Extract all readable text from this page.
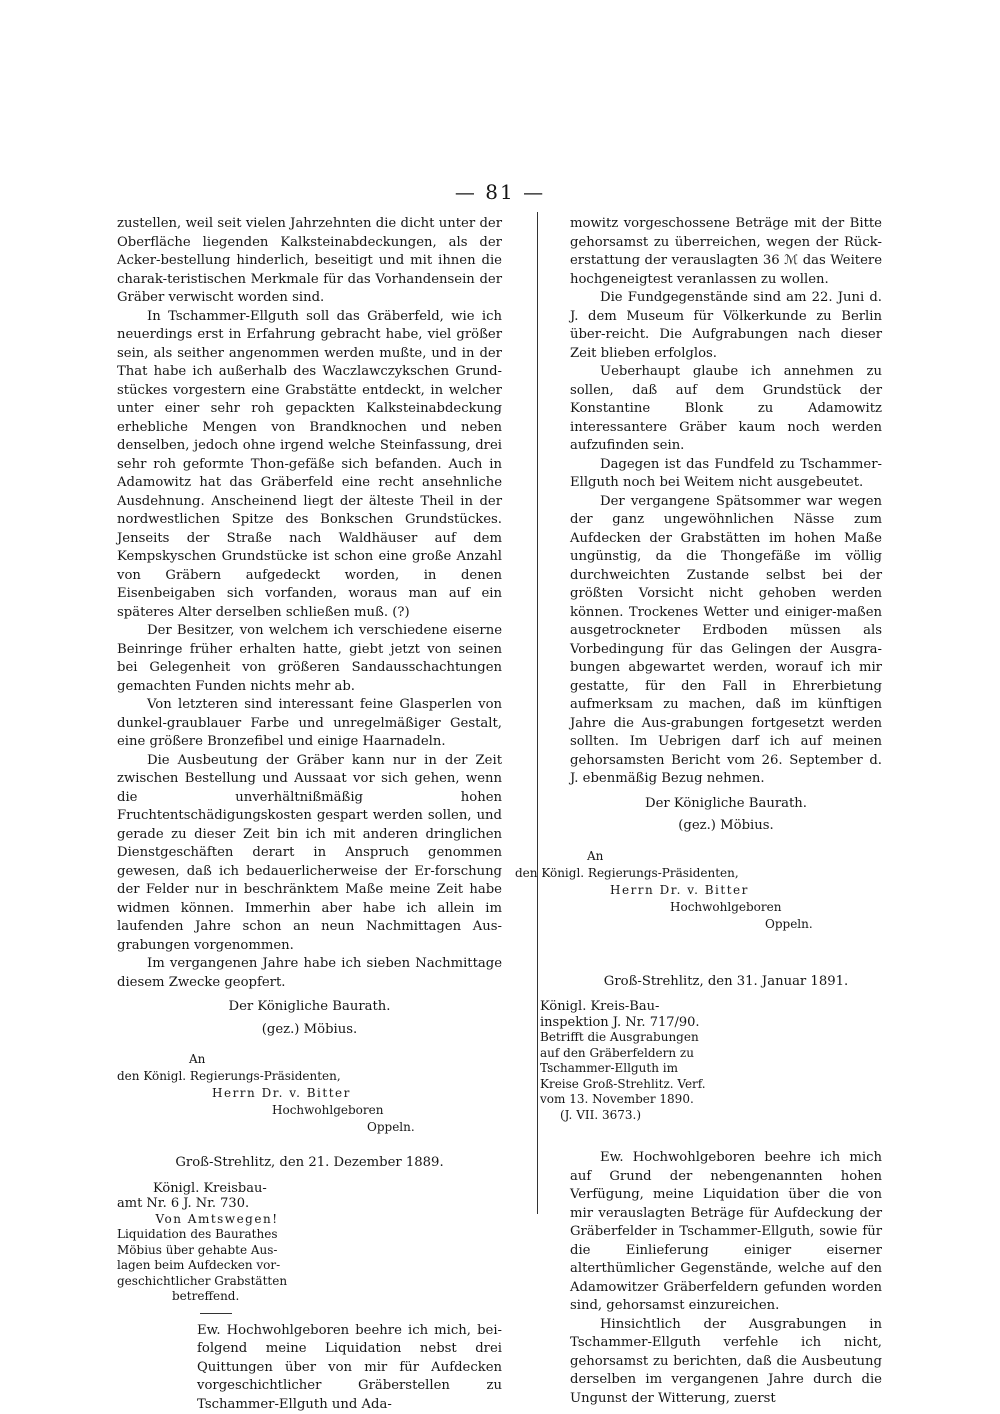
— 81 —

zustellen, weil seit vielen Jahrzehnten die dicht unter der Oberfläche liegenden Kalksteinabdeckungen, als der Acker-bestellung hinderlich, beseitigt und mit ihnen die charak-teristischen Merkmale für das Vorhandensein der Gräber verwischt worden sind.

In Tschammer-Ellguth soll das Gräberfeld, wie ich neuerdings erst in Erfahrung gebracht habe, viel größer sein, als seither angenommen werden mußte, und in der That habe ich außerhalb des Waczlawczykschen Grund-stückes vorgestern eine Grabstätte entdeckt, in welcher unter einer sehr roh gepackten Kalksteinabdeckung erhebliche Mengen von Brandknochen und neben denselben, jedoch ohne irgend welche Steinfassung, drei sehr roh geformte Thon-gefäße sich befanden. Auch in Adamowitz hat das Gräberfeld eine recht ansehnliche Ausdehnung. Anscheinend liegt der älteste Theil in der nordwestlichen Spitze des Bonkschen Grundstückes. Jenseits der Straße nach Waldhäuser auf dem Kempskyschen Grundstücke ist schon eine große Anzahl von Gräbern aufgedeckt worden, in denen Eisenbeigaben sich vorfanden, woraus man auf ein späteres Alter derselben schließen muß. (?)

Der Besitzer, von welchem ich verschiedene eiserne Beinringe früher erhalten hatte, giebt jetzt von seinen bei Gelegenheit von größeren Sandausschachtungen gemachten Funden nichts mehr ab.

Von letzteren sind interessant feine Glasperlen von dunkel-graublauer Farbe und unregelmäßiger Gestalt, eine größere Bronzefibel und einige Haarnadeln.

Die Ausbeutung der Gräber kann nur in der Zeit zwischen Bestellung und Aussaat vor sich gehen, wenn die unverhältnißmäßig hohen Fruchtentschädigungskosten gespart werden sollen, und gerade zu dieser Zeit bin ich mit anderen dringlichen Dienstgeschäften derart in Anspruch genommen gewesen, daß ich bedauerlicherweise der Er-forschung der Felder nur in beschränktem Maße meine Zeit habe widmen können. Immerhin aber habe ich allein im laufenden Jahre schon an neun Nachmittagen Aus-grabungen vorgenommen.

Im vergangenen Jahre habe ich sieben Nachmittage diesem Zwecke geopfert.

Der Königliche Baurath.
(gez.) Möbius.
An
den Königl. Regierungs-Präsidenten,
Herrn Dr. v. Bitter
Hochwohlgeboren
Oppeln.
Groß-Strehlitz, den 21. Dezember 1889.
Königl. Kreisbau-
amt Nr. 6 J. Nr. 730.
Von Amtswegen!
Liquidation des Baurathes
Möbius über gehabte Aus-
lagen beim Aufdecken vor-
geschichtlicher Grabstätten
betreffend.

Ew. Hochwohlgeboren beehre ich mich, bei-folgend meine Liquidation nebst drei Quittungen über von mir für Aufdecken vorgeschichtlicher Gräberstellen zu Tschammer-Ellguth und Ada-

mowitz vorgeschossene Beträge mit der Bitte gehorsamst zu überreichen, wegen der Rück-erstattung der verauslagten 36 ℳ das Weitere hochgeneigtest veranlassen zu wollen.

Die Fundgegenstände sind am 22. Juni d. J. dem Museum für Völkerkunde zu Berlin über-reicht. Die Aufgrabungen nach dieser Zeit blieben erfolglos.

Ueberhaupt glaube ich annehmen zu sollen, daß auf dem Grundstück der Konstantine Blonk zu Adamowitz interessantere Gräber kaum noch werden aufzufinden sein.

Dagegen ist das Fundfeld zu Tschammer-Ellguth noch bei Weitem nicht ausgebeutet.

Der vergangene Spätsommer war wegen der ganz ungewöhnlichen Nässe zum Aufdecken der Grabstätten im hohen Maße ungünstig, da die Thongefäße im völlig durchweichten Zustande selbst bei der größten Vorsicht nicht gehoben werden können. Trockenes Wetter und einiger-maßen ausgetrockneter Erdboden müssen als Vorbedingung für das Gelingen der Ausgra-bungen abgewartet werden, worauf ich mir gestatte, für den Fall in Ehrerbietung aufmerksam zu machen, daß im künftigen Jahre die Aus-grabungen fortgesetzt werden sollten. Im Uebrigen darf ich auf meinen gehorsamsten Bericht vom 26. September d. J. ebenmäßig Bezug nehmen.

Der Königliche Baurath.
(gez.) Möbius.
An
den Königl. Regierungs-Präsidenten,
Herrn Dr. v. Bitter
Hochwohlgeboren
Oppeln.
Groß-Strehlitz, den 31. Januar 1891.
Königl. Kreis-Bau-
inspektion J. Nr. 717/90.
Betrifft die Ausgrabungen
auf den Gräberfeldern zu
Tschammer-Ellguth im
Kreise Groß-Strehlitz. Verf.
vom 13. November 1890.
(J. VII. 3673.)

Ew. Hochwohlgeboren beehre ich mich auf Grund der nebengenannten hohen Verfügung, meine Liquidation über die von mir verauslagten Beträge für Aufdeckung der Gräberfelder in Tschammer-Ellguth, sowie für die Einlieferung einiger eiserner alterthümlicher Gegenstände, welche auf den Adamowitzer Gräberfeldern gefunden worden sind, gehorsamst einzureichen.

Hinsichtlich der Ausgrabungen in Tschammer-Ellguth verfehle ich nicht, gehorsamst zu berichten, daß die Ausbeutung derselben im vergangenen Jahre durch die Ungunst der Witterung, zuerst
